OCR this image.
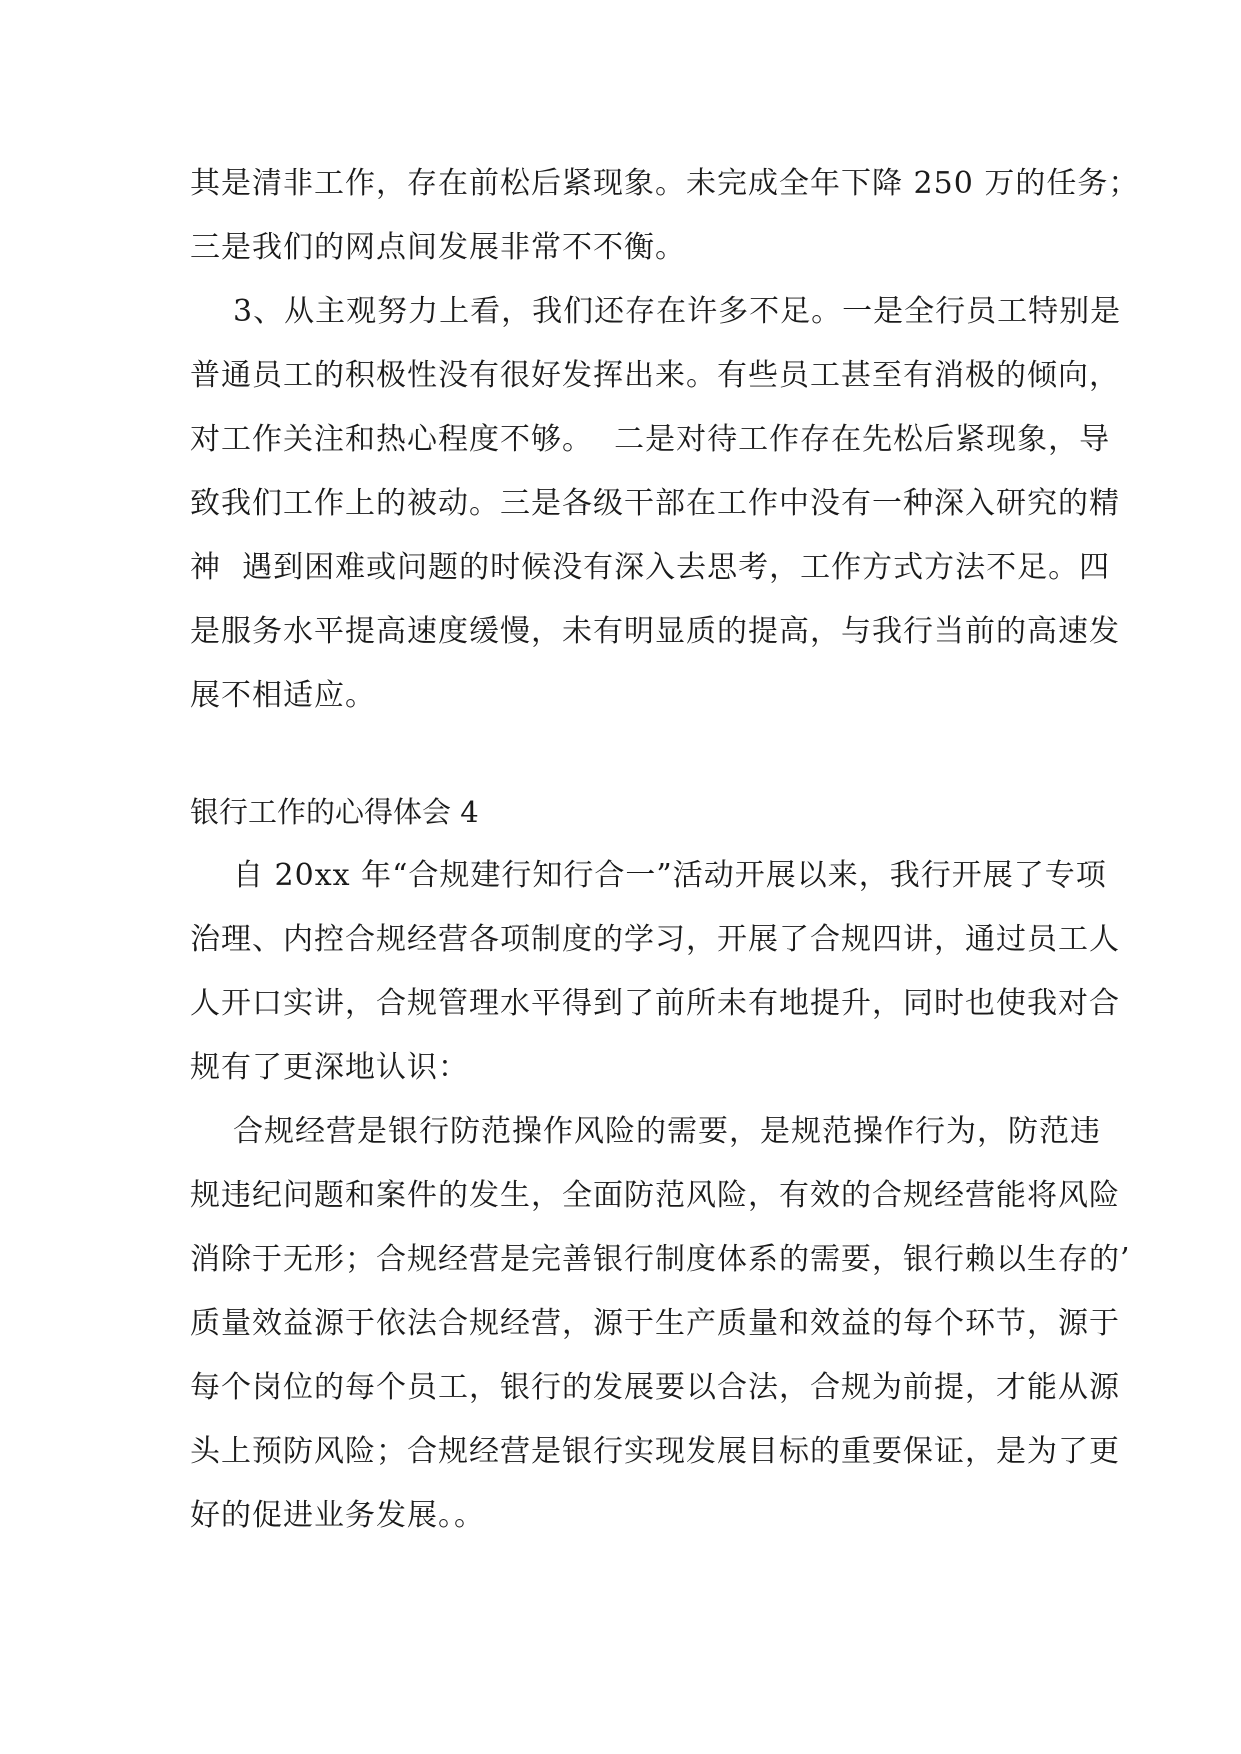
其是清非工作，存在前松后紧现象。未完成全年下降 250 万的任务；
三是我们的网点间发展非常不不衡。
3、从主观努力上看，我们还存在许多不足。一是全行员工特别是
普通员工的积极性没有很好发挥出来。有些员工甚至有消极的倾向，
对工作关注和热心程度不够。  二是对待工作存在先松后紧现象，导
致我们工作上的被动。三是各级干部在工作中没有一种深入研究的精
神  遇到困难或问题的时候没有深入去思考，工作方式方法不足。四
是服务水平提高速度缓慢，未有明显质的提高，与我行当前的高速发
展不相适应。
银行工作的心得体会 4
自 20xx 年“合规建行知行合一”活动开展以来，我行开展了专项
治理、内控合规经营各项制度的学习，开展了合规四讲，通过员工人
人开口实讲，合规管理水平得到了前所未有地提升，同时也使我对合
规有了更深地认识：
合规经营是银行防范操作风险的需要，是规范操作行为，防范违
规违纪问题和案件的发生，全面防范风险，有效的合规经营能将风险
消除于无形；合规经营是完善银行制度体系的需要，银行赖以生存的’
质量效益源于依法合规经营，源于生产质量和效益的每个环节，源于
每个岗位的每个员工，银行的发展要以合法，合规为前提，才能从源
头上预防风险；合规经营是银行实现发展目标的重要保证，是为了更
好的促进业务发展。。
